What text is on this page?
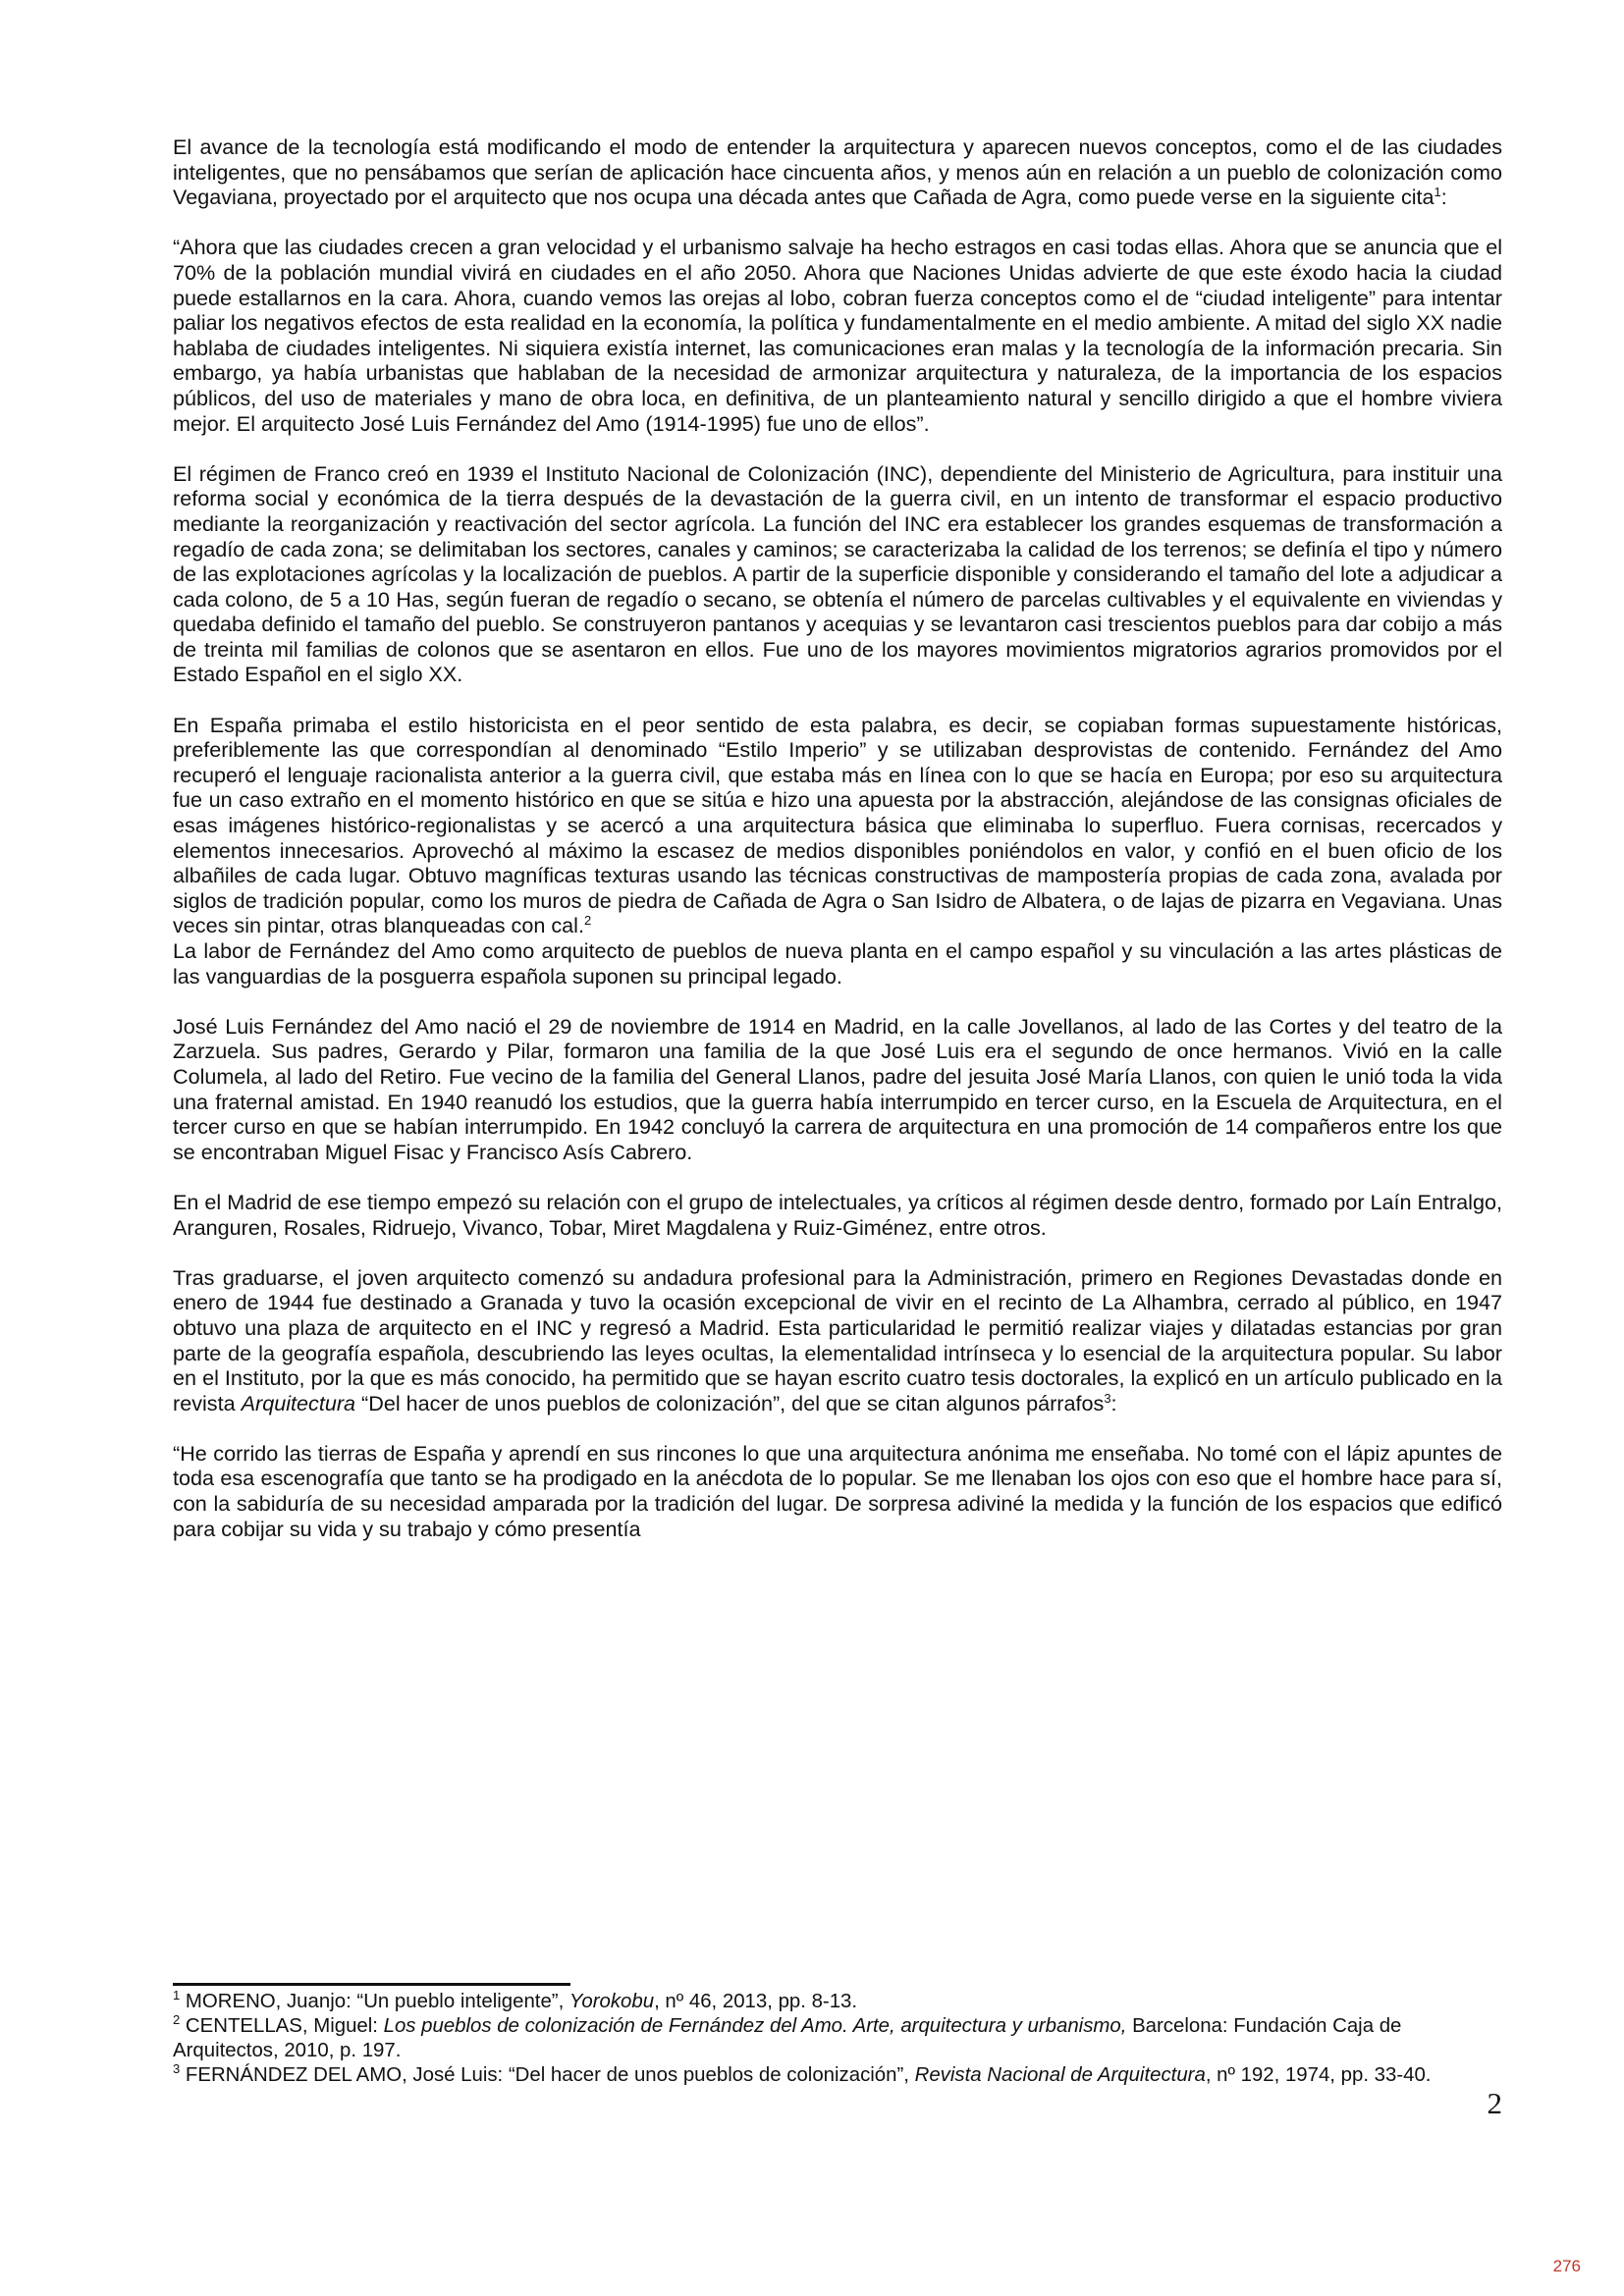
El avance de la tecnología está modificando el modo de entender la arquitectura y aparecen nuevos conceptos, como el de las ciudades inteligentes, que no pensábamos que serían de aplicación hace cincuenta años, y menos aún en relación a un pueblo de colonización como Vegaviana, proyectado por el arquitecto que nos ocupa una década antes que Cañada de Agra, como puede verse en la siguiente cita$^1$:

“Ahora que las ciudades crecen a gran velocidad y el urbanismo salvaje ha hecho estragos en casi todas ellas. Ahora que se anuncia que el 70% de la población mundial vivirá en ciudades en el año 2050. Ahora que Naciones Unidas advierte de que este éxodo hacia la ciudad puede estallarnos en la cara. Ahora, cuando vemos las orejas al lobo, cobran fuerza conceptos como el de “ciudad inteligente” para intentar paliar los negativos efectos de esta realidad en la economía, la política y fundamentalmente en el medio ambiente. A mitad del siglo XX nadie hablaba de ciudades inteligentes. Ni siquiera existía internet, las comunicaciones eran malas y la tecnología de la información precaria. Sin embargo, ya había urbanistas que hablaban de la necesidad de armonizar arquitectura y naturaleza, de la importancia de los espacios públicos, del uso de materiales y mano de obra loca, en definitiva, de un planteamiento natural y sencillo dirigido a que el hombre viviera mejor. El arquitecto José Luis Fernández del Amo (1914-1995) fue uno de ellos”.

El régimen de Franco creó en 1939 el Instituto Nacional de Colonización (INC), dependiente del Ministerio de Agricultura, para instituir una reforma social y económica de la tierra después de la devastación de la guerra civil, en un intento de transformar el espacio productivo mediante la reorganización y reactivación del sector agrícola. La función del INC era establecer los grandes esquemas de transformación a regadío de cada zona; se delimitaban los sectores, canales y caminos; se caracterizaba la calidad de los terrenos; se definía el tipo y número de las explotaciones agrícolas y la localización de pueblos. A partir de la superficie disponible y considerando el tamaño del lote a adjudicar a cada colono, de 5 a 10 Has, según fueran de regadío o secano, se obtenía el número de parcelas cultivables y el equivalente en viviendas y quedaba definido el tamaño del pueblo. Se construyeron pantanos y acequias y se levantaron casi trescientos pueblos para dar cobijo a más de treinta mil familias de colonos que se asentaron en ellos. Fue uno de los mayores movimientos migratorios agrarios promovidos por el Estado Español en el siglo XX.

En España primaba el estilo historicista en el peor sentido de esta palabra, es decir, se copiaban formas supuestamente históricas, preferiblemente las que correspondían al denominado “Estilo Imperio” y se utilizaban desprovistas de contenido. Fernández del Amo recuperó el lenguaje racionalista anterior a la guerra civil, que estaba más en línea con lo que se hacía en Europa; por eso su arquitectura fue un caso extraño en el momento histórico en que se sitúa e hizo una apuesta por la abstracción, alejándose de las consignas oficiales de esas imágenes histórico-regionalistas y se acercó a una arquitectura básica que eliminaba lo superfluo. Fuera cornisas, recercados y elementos innecesarios. Aprovechó al máximo la escasez de medios disponibles poniéndolos en valor, y confió en el buen oficio de los albañiles de cada lugar. Obtuvo magníficas texturas usando las técnicas constructivas de mampostería propias de cada zona, avalada por siglos de tradición popular, como los muros de piedra de Cañada de Agra o San Isidro de Albatera, o de lajas de pizarra en Vegaviana. Unas veces sin pintar, otras blanqueadas con cal.$^2$

La labor de Fernández del Amo como arquitecto de pueblos de nueva planta en el campo español y su vinculación a las artes plásticas de las vanguardias de la posguerra española suponen su principal legado.

José Luis Fernández del Amo nació el 29 de noviembre de 1914 en Madrid, en la calle Jovellanos, al lado de las Cortes y del teatro de la Zarzuela. Sus padres, Gerardo y Pilar, formaron una familia de la que José Luis era el segundo de once hermanos. Vivió en la calle Columela, al lado del Retiro. Fue vecino de la familia del General Llanos, padre del jesuita José María Llanos, con quien le unió toda la vida una fraternal amistad. En 1940 reanudó los estudios, que la guerra había interrumpido en tercer curso, en la Escuela de Arquitectura, en el tercer curso en que se habían interrumpido. En 1942 concluyó la carrera de arquitectura en una promoción de 14 compañeros entre los que se encontraban Miguel Fisac y Francisco Asís Cabrero.

En el Madrid de ese tiempo empezó su relación con el grupo de intelectuales, ya críticos al régimen desde dentro, formado por Laín Entralgo, Aranguren, Rosales, Ridruejo, Vivanco, Tobar, Miret Magdalena y Ruiz-Giménez, entre otros.

Tras graduarse, el joven arquitecto comenzó su andadura profesional para la Administración, primero en Regiones Devastadas donde en enero de 1944 fue destinado a Granada y tuvo la ocasión excepcional de vivir en el recinto de La Alhambra, cerrado al público, en 1947 obtuvo una plaza de arquitecto en el INC y regresó a Madrid. Esta particularidad le permitió realizar viajes y dilatadas estancias por gran parte de la geografía española, descubriendo las leyes ocultas, la elementalidad intrínseca y lo esencial de la arquitectura popular. Su labor en el Instituto, por la que es más conocido, ha permitido que se hayan escrito cuatro tesis doctorales, la explicó en un artículo publicado en la revista Arquitectura “Del hacer de unos pueblos de colonización”, del que se citan algunos párrafos$^3$:

“He corrido las tierras de España y aprendí en sus rincones lo que una arquitectura anónima me enseñaba. No tomé con el lápiz apuntes de toda esa escenografía que tanto se ha prodigado en la anécdota de lo popular. Se me llenaban los ojos con eso que el hombre hace para sí, con la sabiduría de su necesidad amparada por la tradición del lugar. De sorpresa adiviné la medida y la función de los espacios que edificó para cobijar su vida y su trabajo y cómo presentía

$^1$ MORENO, Juanjo: “Un pueblo inteligente”, Yorokobu, nº 46, 2013, pp. 8-13.

$^2$ CENTELLAS, Miguel: Los pueblos de colonización de Fernández del Amo. Arte, arquitectura y urbanismo, Barcelona: Fundación Caja de Arquitectos, 2010, p. 197.

$^3$ FERNÁNDEZ DEL AMO, José Luis: “Del hacer de unos pueblos de colonización”, Revista Nacional de Arquitectura, nº 192, 1974, pp. 33-40.

2
276
